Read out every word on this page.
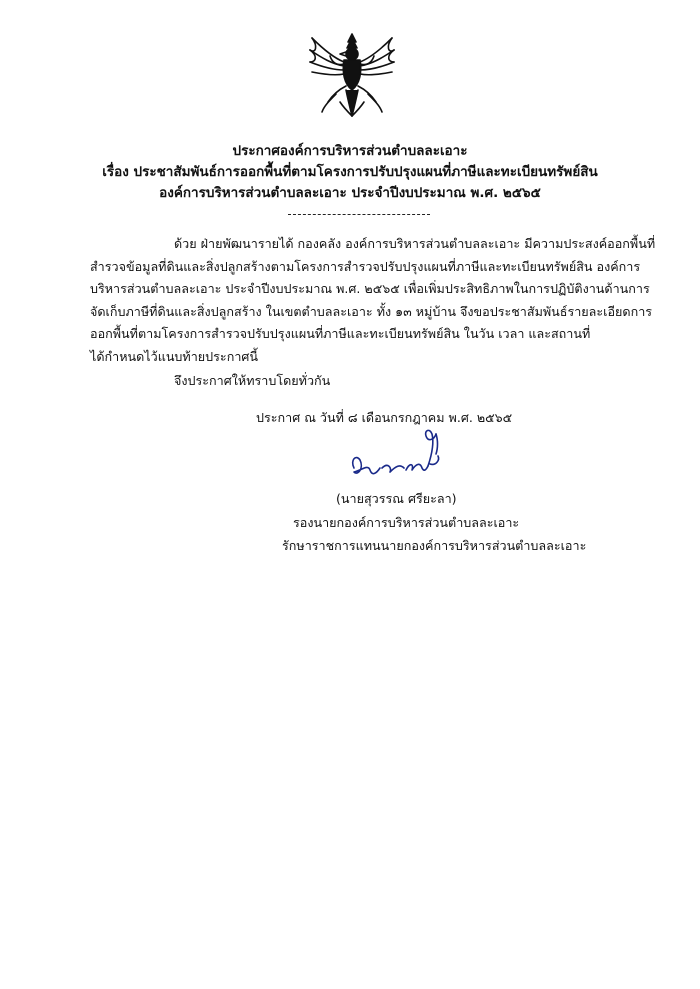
ประกาศองค์การบริหารส่วนตำบลละเอาะ
เรื่อง ประชาสัมพันธ์การออกพื้นที่ตามโครงการปรับปรุงแผนที่ภาษีและทะเบียนทรัพย์สิน
องค์การบริหารส่วนตำบลละเอาะ ประจำปีงบประมาณ พ.ศ. ๒๕๖๕
ด้วย ฝ่ายพัฒนารายได้ กองคลัง องค์การบริหารส่วนตำบลละเอาะ มีความประสงค์ออกพื้นที่
สำรวจข้อมูลที่ดินและสิ่งปลูกสร้างตามโครงการสำรวจปรับปรุงแผนที่ภาษีและทะเบียนทรัพย์สิน องค์การ
บริหารส่วนตำบลละเอาะ ประจำปีงบประมาณ พ.ศ. ๒๕๖๕ เพื่อเพิ่มประสิทธิภาพในการปฏิบัติงานด้านการ
จัดเก็บภาษีที่ดินและสิ่งปลูกสร้าง ในเขตตำบลละเอาะ ทั้ง ๑๓ หมู่บ้าน จึงขอประชาสัมพันธ์รายละเอียดการ
ออกพื้นที่ตามโครงการสำรวจปรับปรุงแผนที่ภาษีและทะเบียนทรัพย์สิน ในวัน เวลา และสถานที่
ได้กำหนดไว้แนบท้ายประกาศนี้
จึงประกาศให้ทราบโดยทั่วกัน
ประกาศ ณ วันที่ ๘ เดือนกรกฎาคม พ.ศ. ๒๕๖๕
(นายสุวรรณ ศรียะลา)
รองนายกองค์การบริหารส่วนตำบลละเอาะ
รักษาราชการแทนนายกองค์การบริหารส่วนตำบลละเอาะ
